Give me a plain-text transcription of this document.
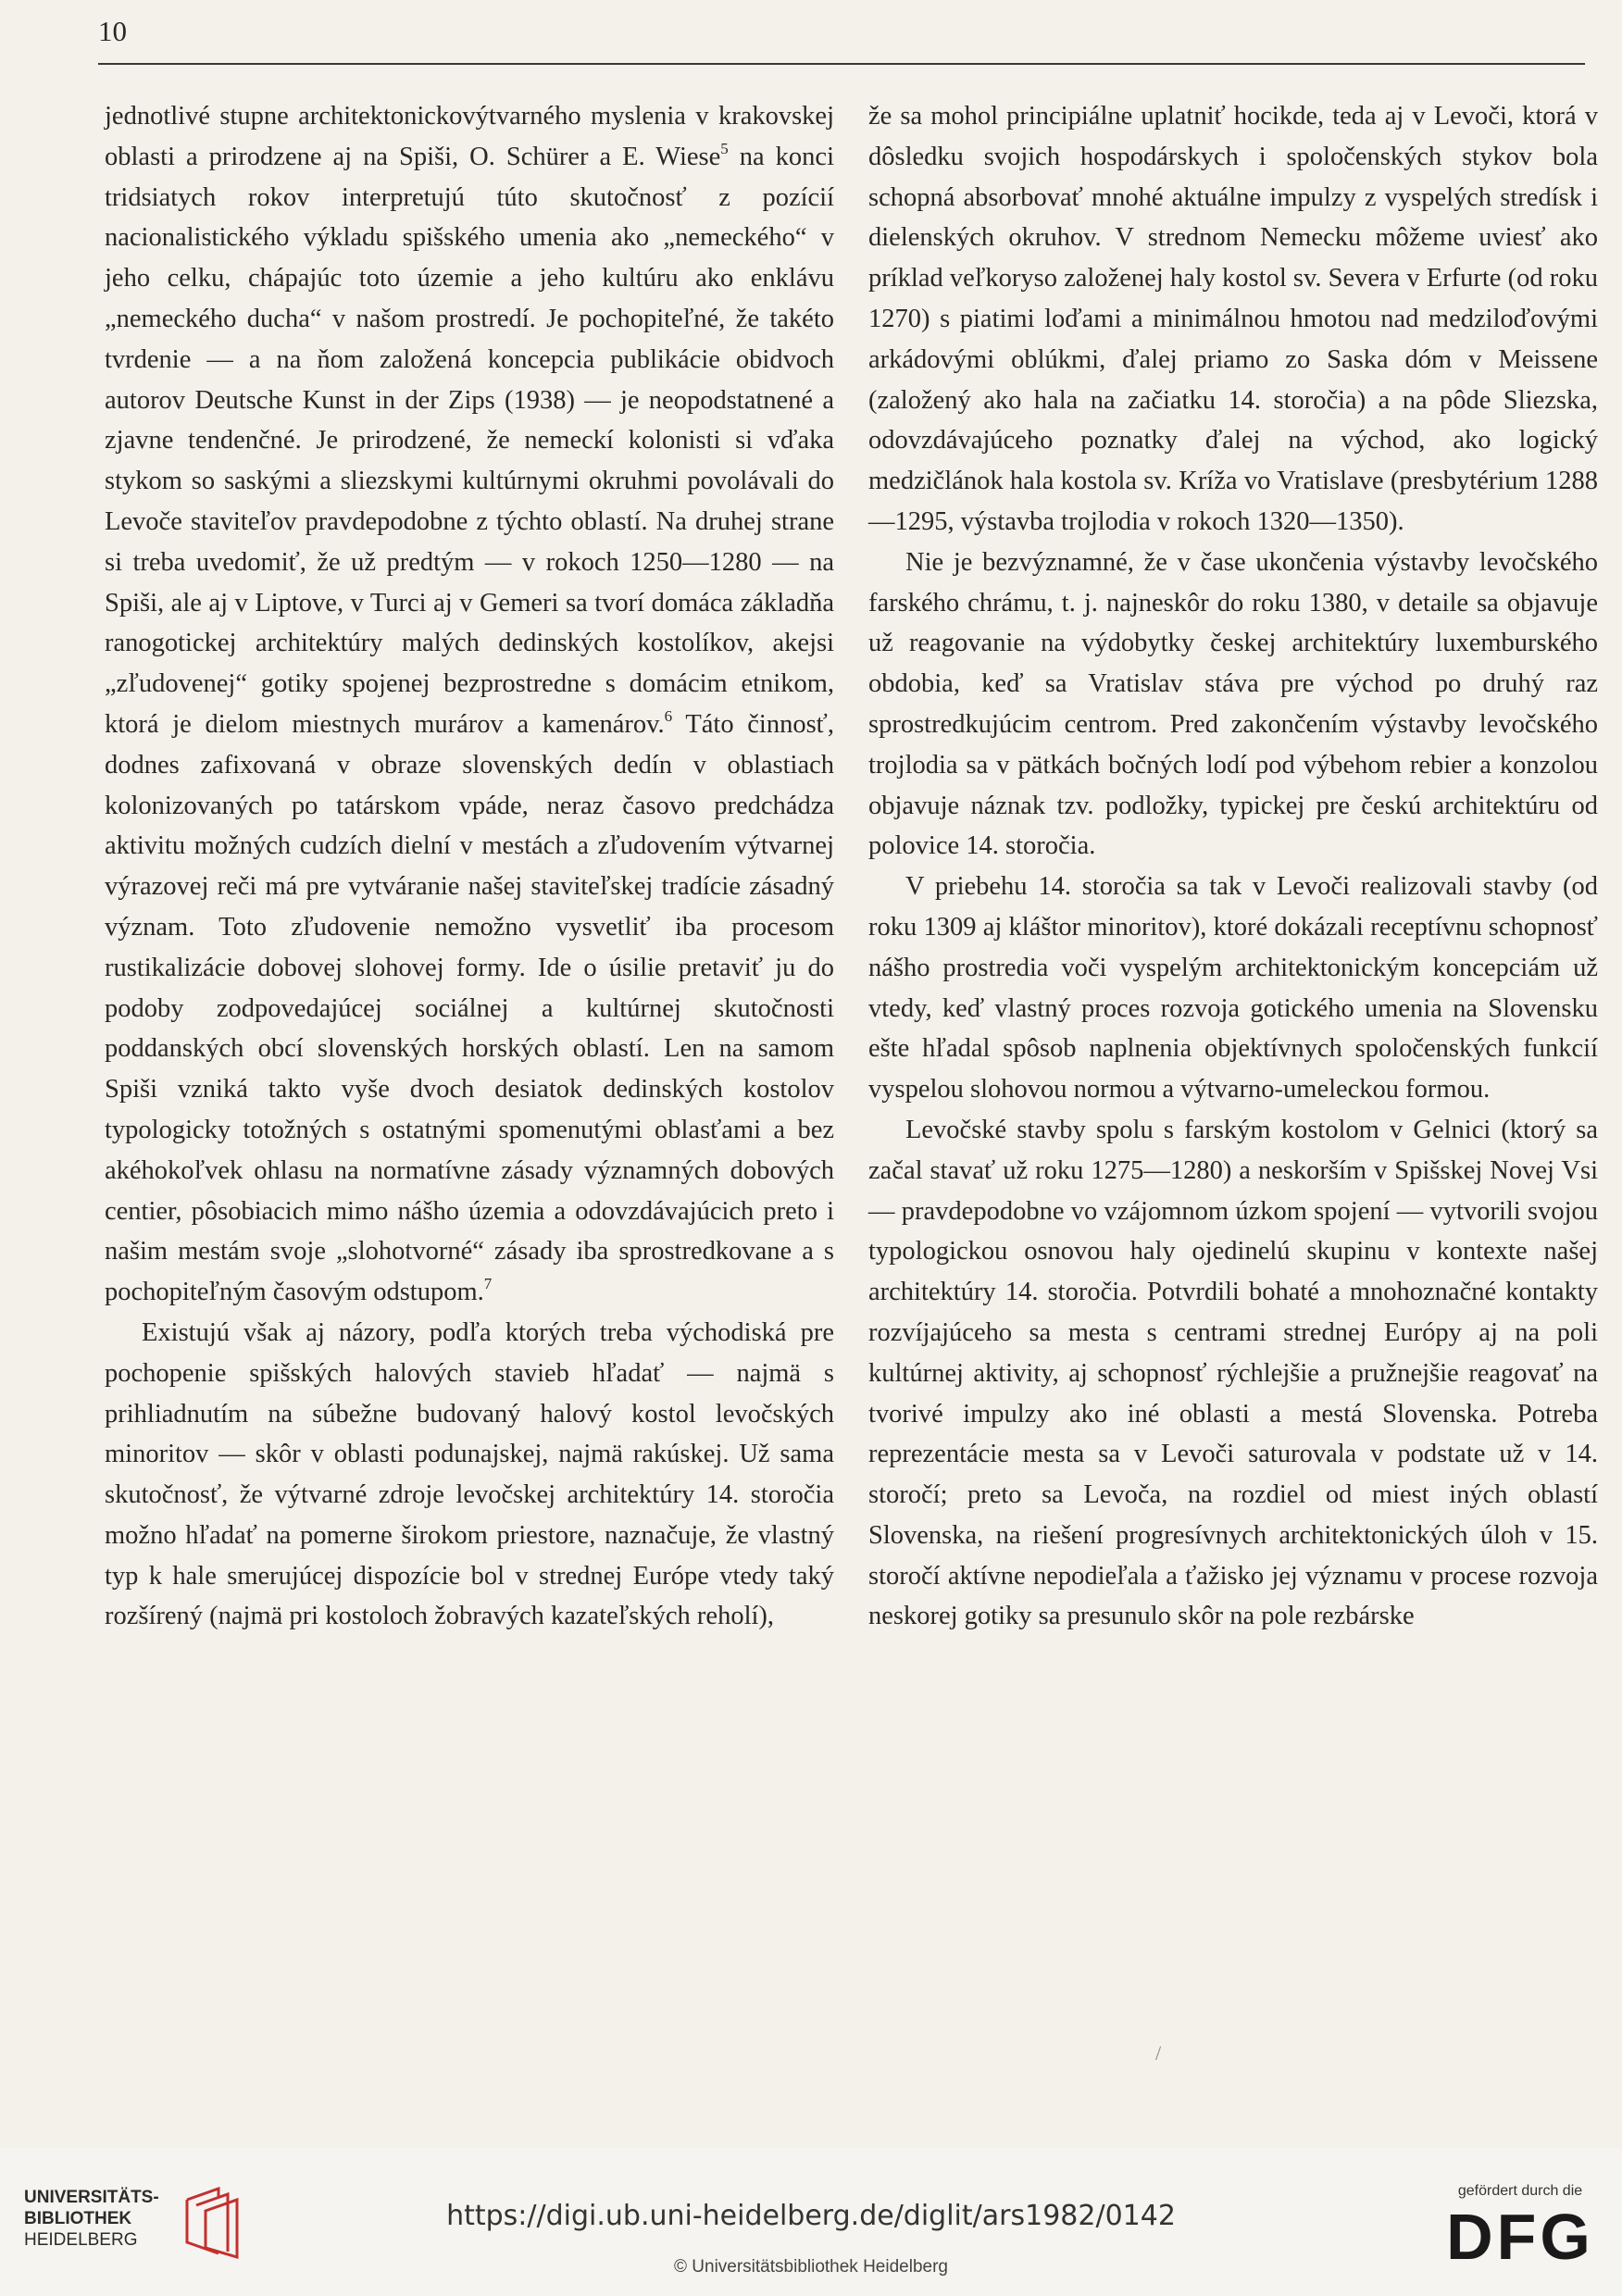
10

jednotlivé stupne architektonickovýtvarného myslenia v krakovskej oblasti a prirodzene aj na Spiši, O. Schürer a E. Wiese$^5$ na konci tridsiatych rokov interpretujú túto skutočnosť z pozícií nacionalistického výkladu spišského umenia ako „nemeckého“ v jeho celku, chápajúc toto územie a jeho kultúru ako enklávu „nemeckého ducha“ v našom prostredí. Je pochopiteľné, že takéto tvrdenie — a na ňom založená koncepcia publikácie obidvoch autorov Deutsche Kunst in der Zips (1938) — je neopodstatnené a zjavne tendenčné. Je prirodzené, že nemeckí kolonisti si vďaka stykom so saskými a sliezskymi kultúrnymi okruhmi povolávali do Levoče staviteľov pravdepodobne z týchto oblastí. Na druhej strane si treba uvedomiť, že už predtým — v rokoch 1250—1280 — na Spiši, ale aj v Liptove, v Turci aj v Gemeri sa tvorí domáca základňa ranogotickej architektúry malých dedinských kostolíkov, akejsi „zľudovenej“ gotiky spojenej bezprostredne s domácim etnikom, ktorá je dielom miestnych murárov a kamenárov.$^6$ Táto činnosť, dodnes zafixovaná v obraze slovenských dedín v oblastiach kolonizovaných po tatárskom vpáde, neraz časovo predchádza aktivitu možných cudzích dielní v mestách a zľudovením výtvarnej výrazovej reči má pre vytváranie našej staviteľskej tradície zásadný význam. Toto zľudovenie nemožno vysvetliť iba procesom rustikalizácie dobovej slohovej formy. Ide o úsilie pretaviť ju do podoby zodpovedajúcej sociálnej a kultúrnej skutočnosti poddanských obcí slovenských horských oblastí. Len na samom Spiši vzniká takto vyše dvoch desiatok dedinských kostolov typologicky totožných s ostatnými spomenutými oblasťami a bez akéhokoľvek ohlasu na normatívne zásady významných dobových centier, pôsobiacich mimo nášho územia a odovzdávajúcich preto i našim mestám svoje „slohotvorné“ zásady iba sprostredkovane a s pochopiteľným časovým odstupom.$^7$

Existujú však aj názory, podľa ktorých treba východiská pre pochopenie spišských halových stavieb hľadať — najmä s prihliadnutím na súbežne budovaný halový kostol levočských minoritov — skôr v oblasti podunajskej, najmä rakúskej. Už sama skutočnosť, že výtvarné zdroje levočskej architektúry 14. storočia možno hľadať na pomerne širokom priestore, naznačuje, že vlastný typ k hale smerujúcej dispozície bol v strednej Európe vtedy taký rozšírený (najmä pri kostoloch žobravých kazateľských reholí),

že sa mohol principiálne uplatniť hocikde, teda aj v Levoči, ktorá v dôsledku svojich hospodárskych i spoločenských stykov bola schopná absorbovať mnohé aktuálne impulzy z vyspelých stredísk i dielenských okruhov. V strednom Nemecku môžeme uviesť ako príklad veľkoryso založenej haly kostol sv. Severa v Erfurte (od roku 1270) s piatimi loďami a minimálnou hmotou nad medziloďovými arkádovými oblúkmi, ďalej priamo zo Saska dóm v Meissene (založený ako hala na začiatku 14. storočia) a na pôde Sliezska, odovzdávajúceho poznatky ďalej na východ, ako logický medzičlánok hala kostola sv. Kríža vo Vratislave (presbytérium 1288—1295, výstavba trojlodia v rokoch 1320—1350).

Nie je bezvýznamné, že v čase ukončenia výstavby levočského farského chrámu, t. j. najneskôr do roku 1380, v detaile sa objavuje už reagovanie na výdobytky českej architektúry luxemburského obdobia, keď sa Vratislav stáva pre východ po druhý raz sprostredkujúcim centrom. Pred zakončením výstavby levočského trojlodia sa v pätkách bočných lodí pod výbehom rebier a konzolou objavuje náznak tzv. podložky, typickej pre českú architektúru od polovice 14. storočia.

V priebehu 14. storočia sa tak v Levoči realizovali stavby (od roku 1309 aj kláštor minoritov), ktoré dokázali receptívnu schopnosť nášho prostredia voči vyspelým architektonickým koncepciám už vtedy, keď vlastný proces rozvoja gotického umenia na Slovensku ešte hľadal spôsob naplnenia objektívnych spoločenských funkcií vyspelou slohovou normou a výtvarno-umeleckou formou.

Levočské stavby spolu s farským kostolom v Gelnici (ktorý sa začal stavať už roku 1275—1280) a neskorším v Spišskej Novej Vsi — pravdepodobne vo vzájomnom úzkom spojení — vytvorili svojou typologickou osnovou haly ojedinelú skupinu v kontexte našej architektúry 14. storočia. Potvrdili bohaté a mnohoznačné kontakty rozvíjajúceho sa mesta s centrami strednej Európy aj na poli kultúrnej aktivity, aj schopnosť rýchlejšie a pružnejšie reagovať na tvorivé impulzy ako iné oblasti a mestá Slovenska. Potreba reprezentácie mesta sa v Levoči saturovala v podstate už v 14. storočí; preto sa Levoča, na rozdiel od miest iných oblastí Slovenska, na riešení progresívnych architektonických úloh v 15. storočí aktívne nepodieľala a ťažisko jej významu v procese rozvoja neskorej gotiky sa presunulo skôr na pole rezbárske

/
UNIVERSITÄTS-
BIBLIOTHEK
HEIDELBERG
https://digi.ub.uni-heidelberg.de/diglit/ars1982/0142
© Universitätsbibliothek Heidelberg
gefördert durch die
DFG
